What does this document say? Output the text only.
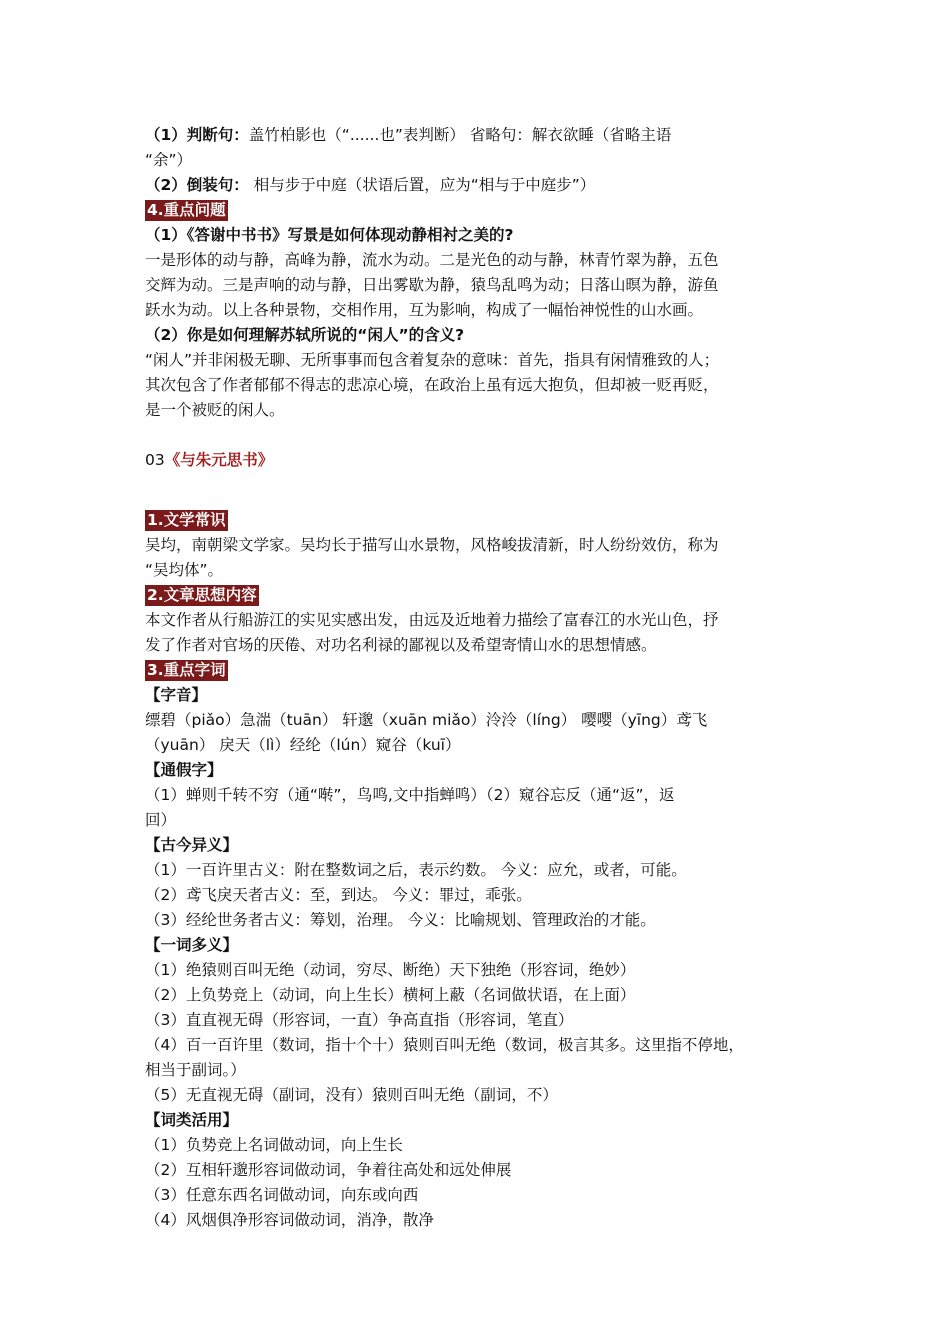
（1）判断句：盖竹柏影也（“......也”表判断） 省略句：解衣欲睡（省略主语
“余”）
（2）倒装句： 相与步于中庭（状语后置，应为“相与于中庭步”）
4.重点问题
（1）《答谢中书书》写景是如何体现动静相衬之美的?
一是形体的动与静，高峰为静，流水为动。二是光色的动与静，林青竹翠为静，五色
交辉为动。三是声响的动与静，日出雾歇为静，猿鸟乱鸣为动；日落山暝为静，游鱼
跃水为动。以上各种景物，交相作用，互为影响，构成了一幅怡神悦性的山水画。
（2）你是如何理解苏轼所说的“闲人”的含义?
“闲人”并非闲极无聊、无所事事而包含着复杂的意味：首先，指具有闲情雅致的人；
其次包含了作者郁郁不得志的悲凉心境，在政治上虽有远大抱负，但却被一贬再贬，
是一个被贬的闲人。
03《与朱元思书》
1.文学常识
吴均，南朝梁文学家。吴均长于描写山水景物，风格峻拔清新，时人纷纷效仿，称为
“吴均体”。
2.文章思想内容
本文作者从行船游江的实见实感出发，由远及近地着力描绘了富春江的水光山色，抒
发了作者对官场的厌倦、对功名利禄的鄙视以及希望寄情山水的思想情感。
3.重点字词
【字音】
缥碧（piǎo）急湍（tuān） 轩邈（xuān miǎo）泠泠（líng） 嘤嘤（yīng）鸢飞
（yuān） 戾天（lì）经纶（lún）窥谷（kuī）
【通假字】
（1）蝉则千转不穷（通“啭”，鸟鸣,文中指蝉鸣）（2）窥谷忘反（通“返”，返
回）
【古今异义】
（1）一百许里古义：附在整数词之后，表示约数。 今义：应允，或者，可能。
（2）鸢飞戾天者古义：至，到达。 今义：罪过，乖张。
（3）经纶世务者古义：筹划，治理。 今义：比喻规划、管理政治的才能。
【一词多义】
（1）绝猿则百叫无绝（动词，穷尽、断绝）天下独绝（形容词，绝妙）
（2）上负势竞上（动词，向上生长）横柯上蔽（名词做状语，在上面）
（3）直直视无碍（形容词，一直）争高直指（形容词，笔直）
（4）百一百许里（数词，指十个十）猿则百叫无绝（数词，极言其多。这里指不停地，
相当于副词。）
（5）无直视无碍（副词，没有）猿则百叫无绝（副词，不）
【词类活用】
（1）负势竞上名词做动词，向上生长
（2）互相轩邈形容词做动词，争着往高处和远处伸展
（3）任意东西名词做动词，向东或向西
（4）风烟俱净形容词做动词，消净，散净
